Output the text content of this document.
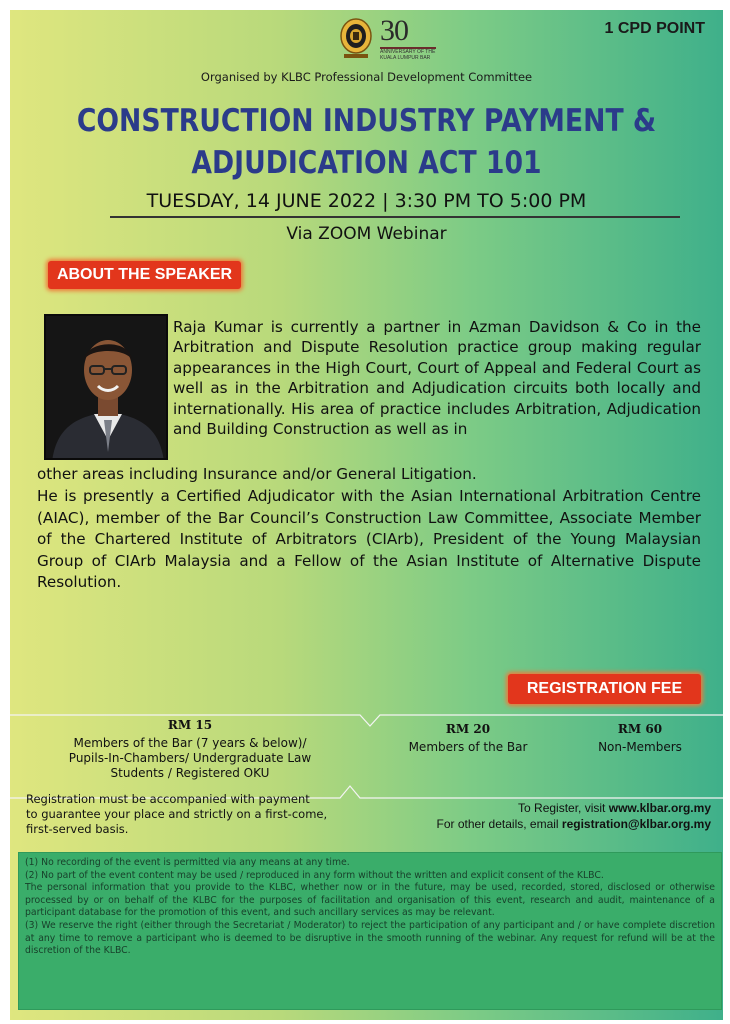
1 CPD POINT
30
ANNIVERSARY OF THE
KUALA LUMPUR BAR
Organised by KLBC Professional Development Committee
CONSTRUCTION INDUSTRY PAYMENT &
ADJUDICATION ACT 101
TUESDAY, 14 JUNE 2022 | 3:30 PM TO 5:00 PM
Via ZOOM Webinar
ABOUT THE SPEAKER
Raja Kumar is currently a partner in Azman Davidson & Co in the Arbitration and Dispute Resolution practice group making regular appearances in the High Court, Court of Appeal and Federal Court as well as in the Arbitration and Adjudication circuits both locally and internationally. His area of practice includes Arbitration, Adjudication and Building Construction as well as in
other areas including Insurance and/or General Litigation.
He is presently a Certified Adjudicator with the Asian International Arbitration Centre (AIAC), member of the Bar Council’s Construction Law Committee, Associate Member of the Chartered Institute of Arbitrators (CIArb), President of the Young Malaysian Group of CIArb Malaysia and a Fellow of the Asian Institute of Alternative Dispute Resolution.
REGISTRATION FEE
RM 15
Members of the Bar (7 years & below)/
Pupils-In-Chambers/ Undergraduate Law
Students / Registered OKU
RM 20
Members of the Bar
RM 60
Non-Members
Registration must be accompanied with payment
to guarantee your place and strictly on a first-come,
first-served basis.
To Register, visit www.klbar.org.my
For other details, email registration@klbar.org.my

(1) No recording of the event is permitted via any means at any time.

(2) No part of the event content may be used / reproduced in any form without the written and explicit consent of the KLBC.

The personal information that you provide to the KLBC, whether now or in the future, may be used, recorded, stored, disclosed or otherwise processed by or on behalf of the KLBC for the purposes of facilitation and organisation of this event, research and audit, maintenance of a participant database for the promotion of this event, and such ancillary services as may be relevant.

(3) We reserve the right (either through the Secretariat / Moderator) to reject the participation of any participant and / or have complete discretion at any time to remove a participant who is deemed to be disruptive in the smooth running of the webinar. Any request for refund will be at the discretion of the KLBC.
